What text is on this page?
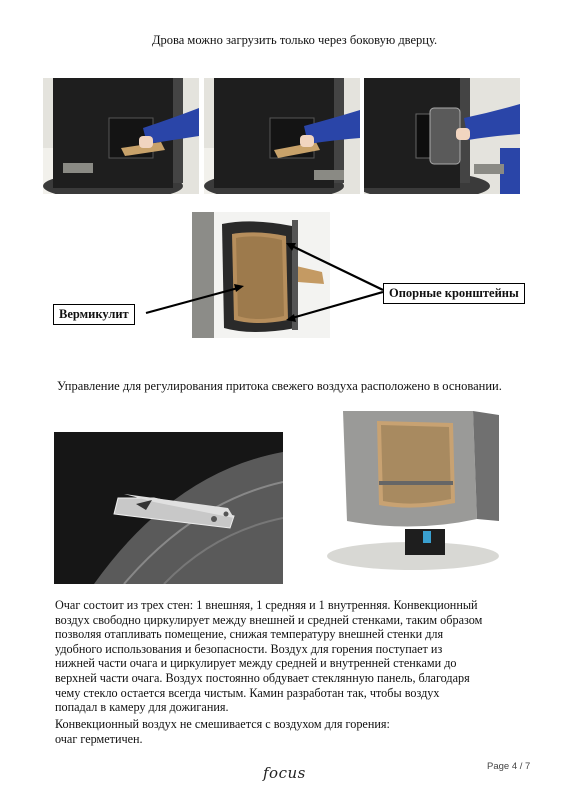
Дрова можно загрузить только через боковую дверцу.
Вермикулит
Опорные кронштейны
Управление для регулирования притока свежего воздуха расположено в основании.

Очаг состоит из трех стен: 1 внешняя, 1 средняя и 1 внутренняя. Конвекционный

воздух свободно циркулирует между внешней и средней стенками, таким образом

позволяя отапливать помещение, снижая температуру внешней стенки для

удобного использования и безопасности. Воздух для горения поступает из

нижней части очага и циркулирует между средней и внутренней стенками до

верхней части очага. Воздух постоянно обдувает стеклянную панель, благодаря

чему стекло остается всегда чистым. Камин разработан так, чтобы воздух

попадал в камеру для дожигания.

Конвекционный воздух не смешивается с воздухом для горения:

очаг герметичен.

focus	Page 4 / 7
